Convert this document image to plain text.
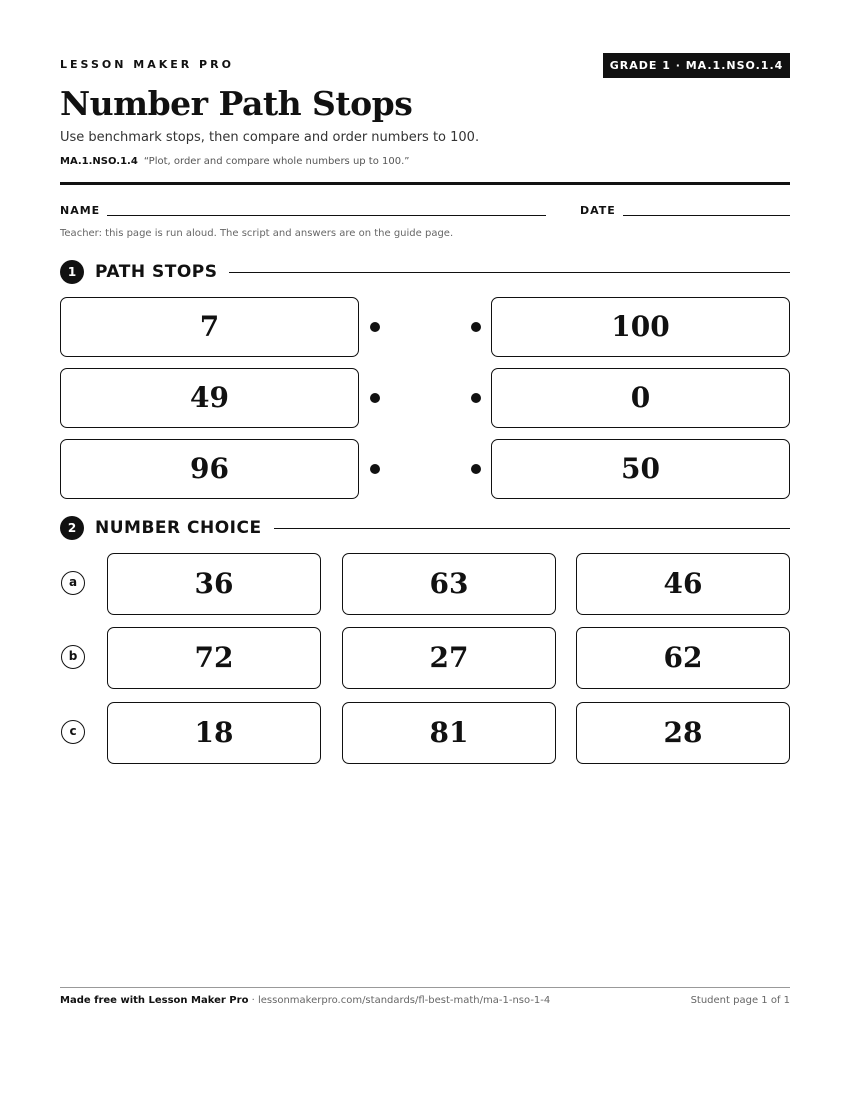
LESSON MAKER PRO	GRADE 1 · MA.1.NSO.1.4
Number Path Stops
Use benchmark stops, then compare and order numbers to 100.
MA.1.NSO.1.4 “Plot, order and compare whole numbers up to 100.”
NAME	DATE
Teacher: this page is run aloud. The script and answers are on the guide page.
1	PATH STOPS
7	100
49	0
96	50
2	NUMBER CHOICE
a	36	63	46
b	72	27	62
c	18	81	28
Made free with Lesson Maker Pro · lessonmakerpro.com/standards/fl-best-math/ma-1-nso-1-4	Student page 1 of 1
